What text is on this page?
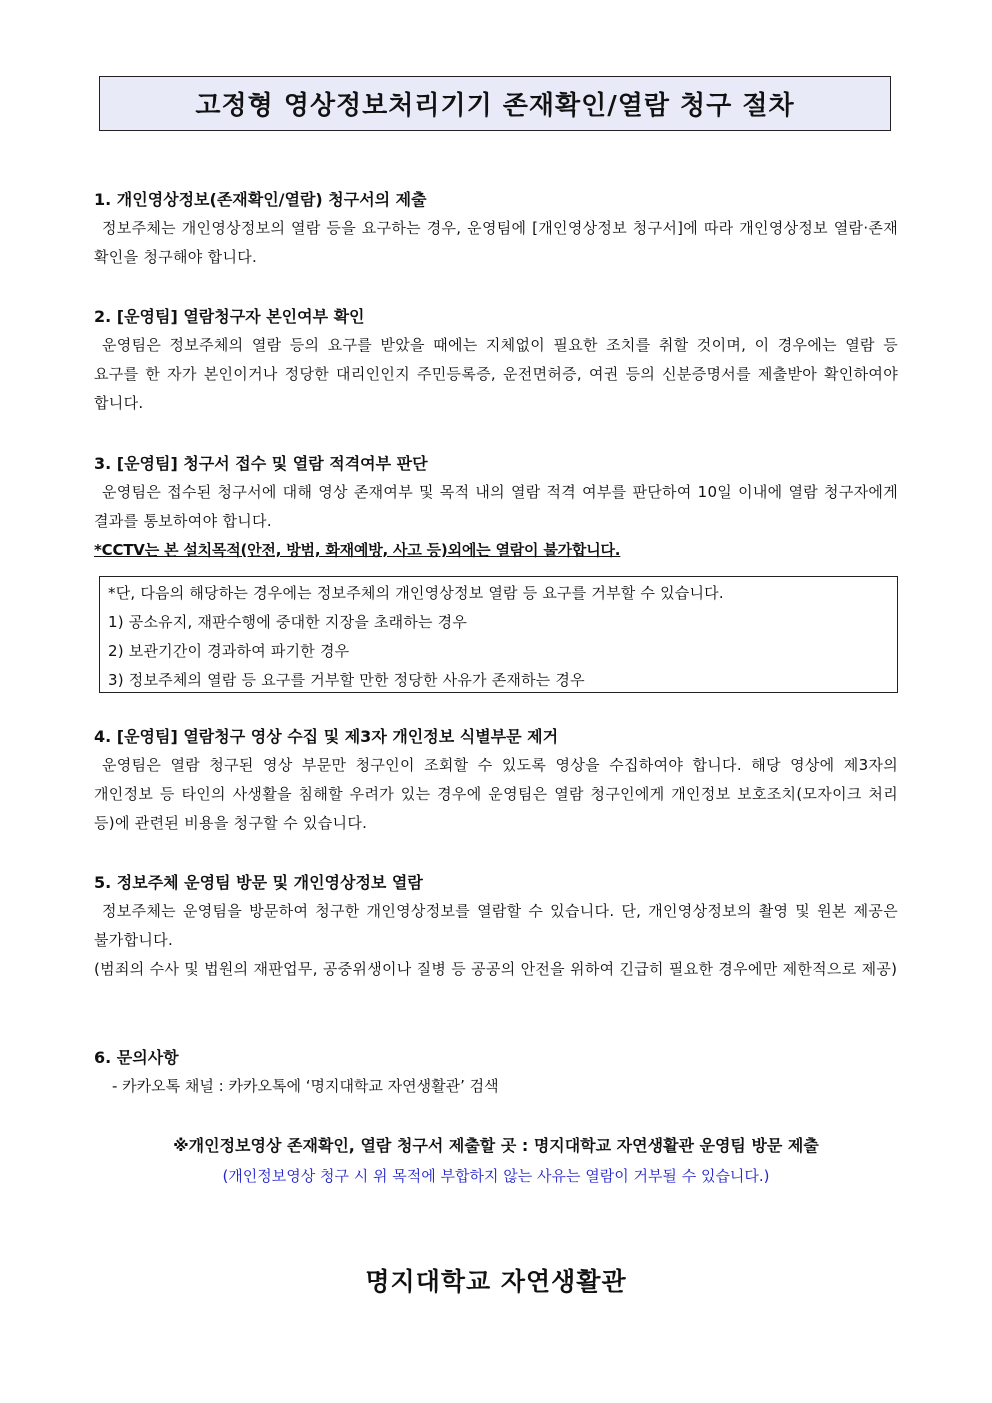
고정형 영상정보처리기기 존재확인/열람 청구 절차
1. 개인영상정보(존재확인/열람) 청구서의 제출

정보주체는 개인영상정보의 열람 등을 요구하는 경우, 운영팀에 [개인영상정보 청구서]에 따라 개인영상정보 열람·존재 확인을 청구해야 합니다.

2. [운영팀] 열람청구자 본인여부 확인

운영팀은 정보주체의 열람 등의 요구를 받았을 때에는 지체없이 필요한 조치를 취할 것이며, 이 경우에는 열람 등 요구를 한 자가 본인이거나 정당한 대리인인지 주민등록증, 운전면허증, 여권 등의 신분증명서를 제출받아 확인하여야 합니다.

3. [운영팀] 청구서 접수 및 열람 적격여부 판단

운영팀은 접수된 청구서에 대해 영상 존재여부 및 목적 내의 열람 적격 여부를 판단하여 10일 이내에 열람 청구자에게 결과를 통보하여야 합니다.

*CCTV는 본 설치목적(안전, 방범, 화재예방, 사고 등)외에는 열람이 불가합니다.
*단, 다음의 해당하는 경우에는 정보주체의 개인영상정보 열람 등 요구를 거부할 수 있습니다.
1) 공소유지, 재판수행에 중대한 지장을 초래하는 경우
2) 보관기간이 경과하여 파기한 경우
3) 정보주체의 열람 등 요구를 거부할 만한 정당한 사유가 존재하는 경우
4. [운영팀] 열람청구 영상 수집 및 제3자 개인정보 식별부문 제거

운영팀은 열람 청구된 영상 부문만 청구인이 조회할 수 있도록 영상을 수집하여야 합니다. 해당 영상에 제3자의 개인정보 등 타인의 사생활을 침해할 우려가 있는 경우에 운영팀은 열람 청구인에게 개인정보 보호조치(모자이크 처리 등)에 관련된 비용을 청구할 수 있습니다.

5. 정보주체 운영팀 방문 및 개인영상정보 열람

정보주체는 운영팀을 방문하여 청구한 개인영상정보를 열람할 수 있습니다. 단, 개인영상정보의 촬영 및 원본 제공은 불가합니다.

(범죄의 수사 및 법원의 재판업무, 공중위생이나 질병 등 공공의 안전을 위하여 긴급히 필요한 경우에만 제한적으로 제공)

6. 문의사항
- 카카오톡 채널 : 카카오톡에 ‘명지대학교 자연생활관’ 검색
※개인정보영상 존재확인, 열람 청구서 제출할 곳 : 명지대학교 자연생활관 운영팀 방문 제출
(개인정보영상 청구 시 위 목적에 부합하지 않는 사유는 열람이 거부될 수 있습니다.)
명지대학교 자연생활관
